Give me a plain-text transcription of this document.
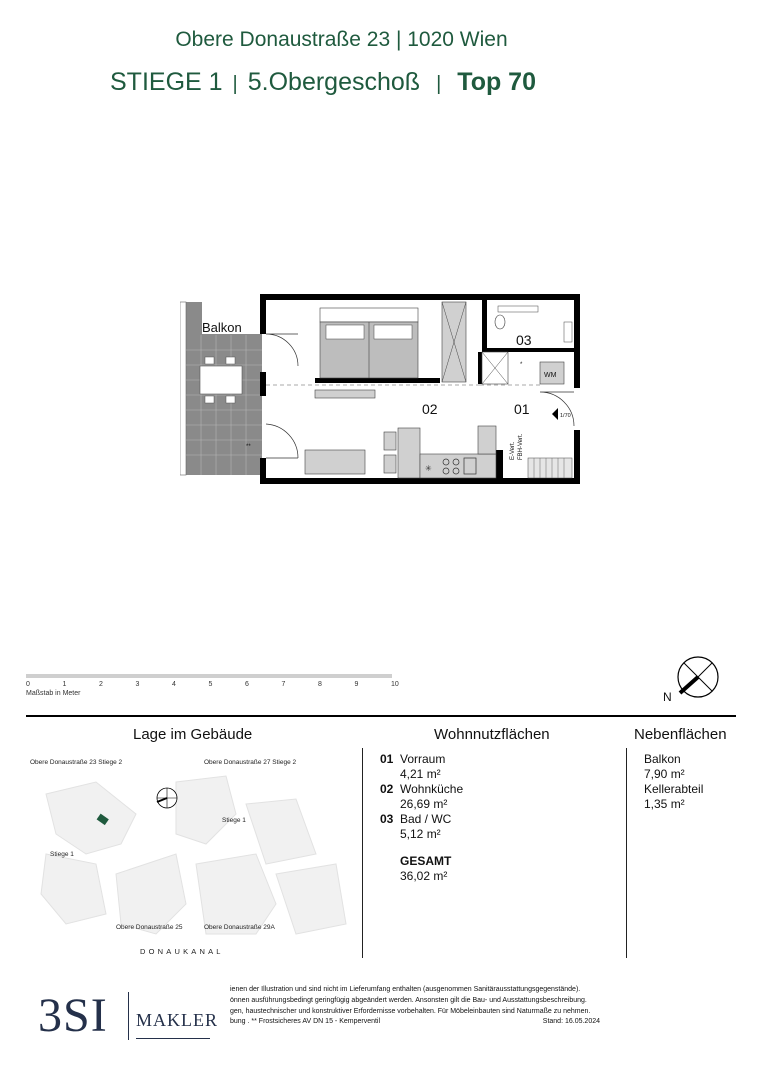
Obere Donaustraße 23 | 1020 Wien
STIEGE 1 | 5.Obergeschoß | Top 70
Balkon
**
1/70
✳
WM
*
E-Vert. FBH-Vert.
02	01
03
0	1	2	3	4	5	6	7	8	9	10
Maßstab in Meter	N
Lage im Gebäude	Wohnnutzflächen	Nebenflächen
Obere Donaustraße 23 Stiege 2	Obere Donaustraße 27 Stiege 2
Stiege 1
Stiege 1
Obere Donaustraße 25	Obere Donaustraße 29A
DONAUKANAL
01 Vorraum
4,21 m²
02 Wohnküche
26,69 m²
03 Bad / WC
5,12 m²
GESAMT
36,02 m²
Balkon
7,90 m²
Kellerabteil
1,35 m²
3SI MAKLER
ienen der Illustration und sind nicht im Lieferumfang enthalten (ausgenommen Sanitärausstattungsgegenstände).
önnen ausführungsbedingt geringfügig abgeändert werden. Ansonsten gilt die Bau- und Ausstattungsbeschreibung.
gen, haustechnischer und konstruktiver Erfordernisse vorbehalten. Für Möbeleinbauten sind Naturmaße zu nehmen.
bung . ** Frostsicheres AV DN 15 - Kemperventil	Stand: 16.05.2024
